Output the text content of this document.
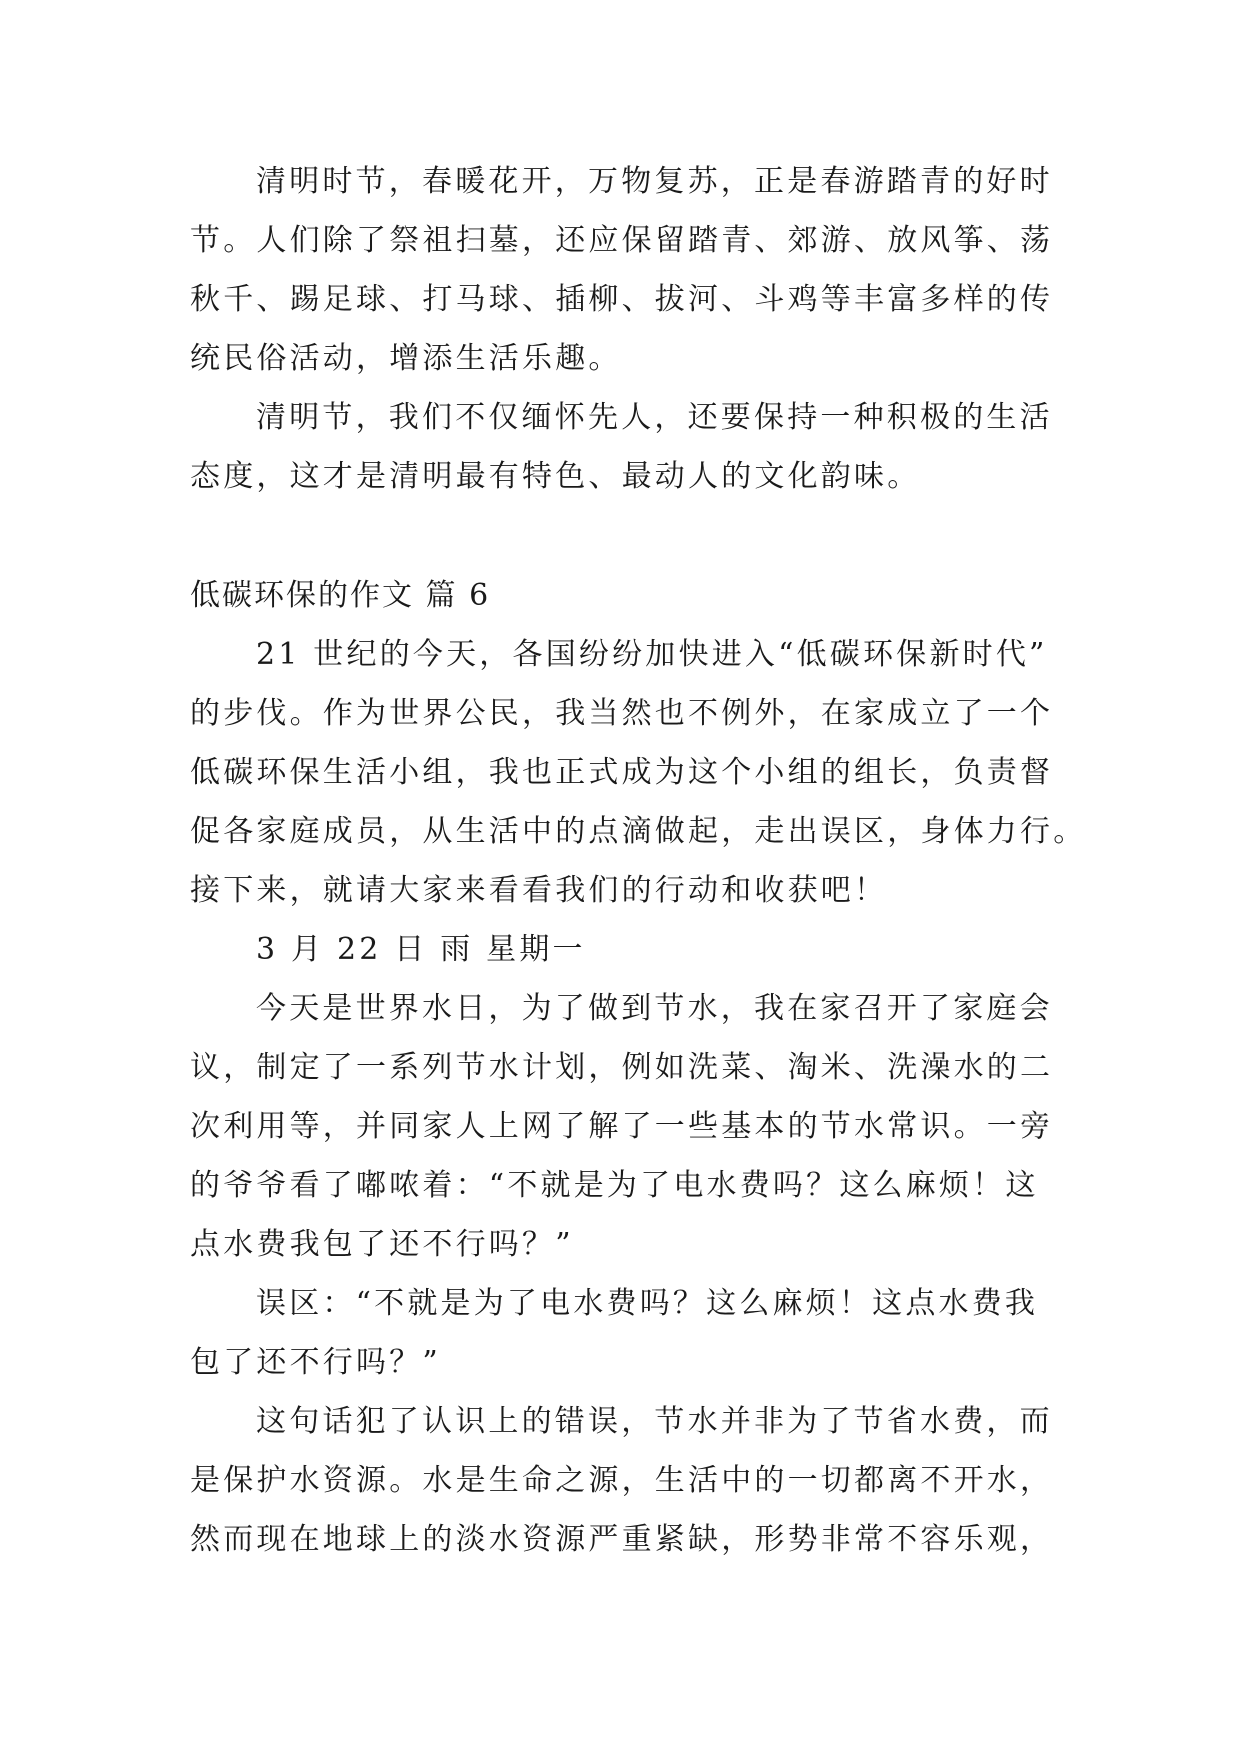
清明时节，春暖花开，万物复苏，正是春游踏青的好时
节。人们除了祭祖扫墓，还应保留踏青、郊游、放风筝、荡
秋千、踢足球、打马球、插柳、拔河、斗鸡等丰富多样的传
统民俗活动，增添生活乐趣。
清明节，我们不仅缅怀先人，还要保持一种积极的生活
态度，这才是清明最有特色、最动人的文化韵味。
低碳环保的作文 篇 6
21 世纪的今天，各国纷纷加快进入“低碳环保新时代”
的步伐。作为世界公民，我当然也不例外，在家成立了一个
低碳环保生活小组，我也正式成为这个小组的组长，负责督
促各家庭成员，从生活中的点滴做起，走出误区，身体力行。
接下来，就请大家来看看我们的行动和收获吧！
3 月 22 日 雨 星期一
今天是世界水日，为了做到节水，我在家召开了家庭会
议，制定了一系列节水计划，例如洗菜、淘米、洗澡水的二
次利用等，并同家人上网了解了一些基本的节水常识。一旁
的爷爷看了嘟哝着：“不就是为了电水费吗？这么麻烦！这
点水费我包了还不行吗？”
误区：“不就是为了电水费吗？这么麻烦！这点水费我
包了还不行吗？”
这句话犯了认识上的错误，节水并非为了节省水费，而
是保护水资源。水是生命之源，生活中的一切都离不开水，
然而现在地球上的淡水资源严重紧缺，形势非常不容乐观，
